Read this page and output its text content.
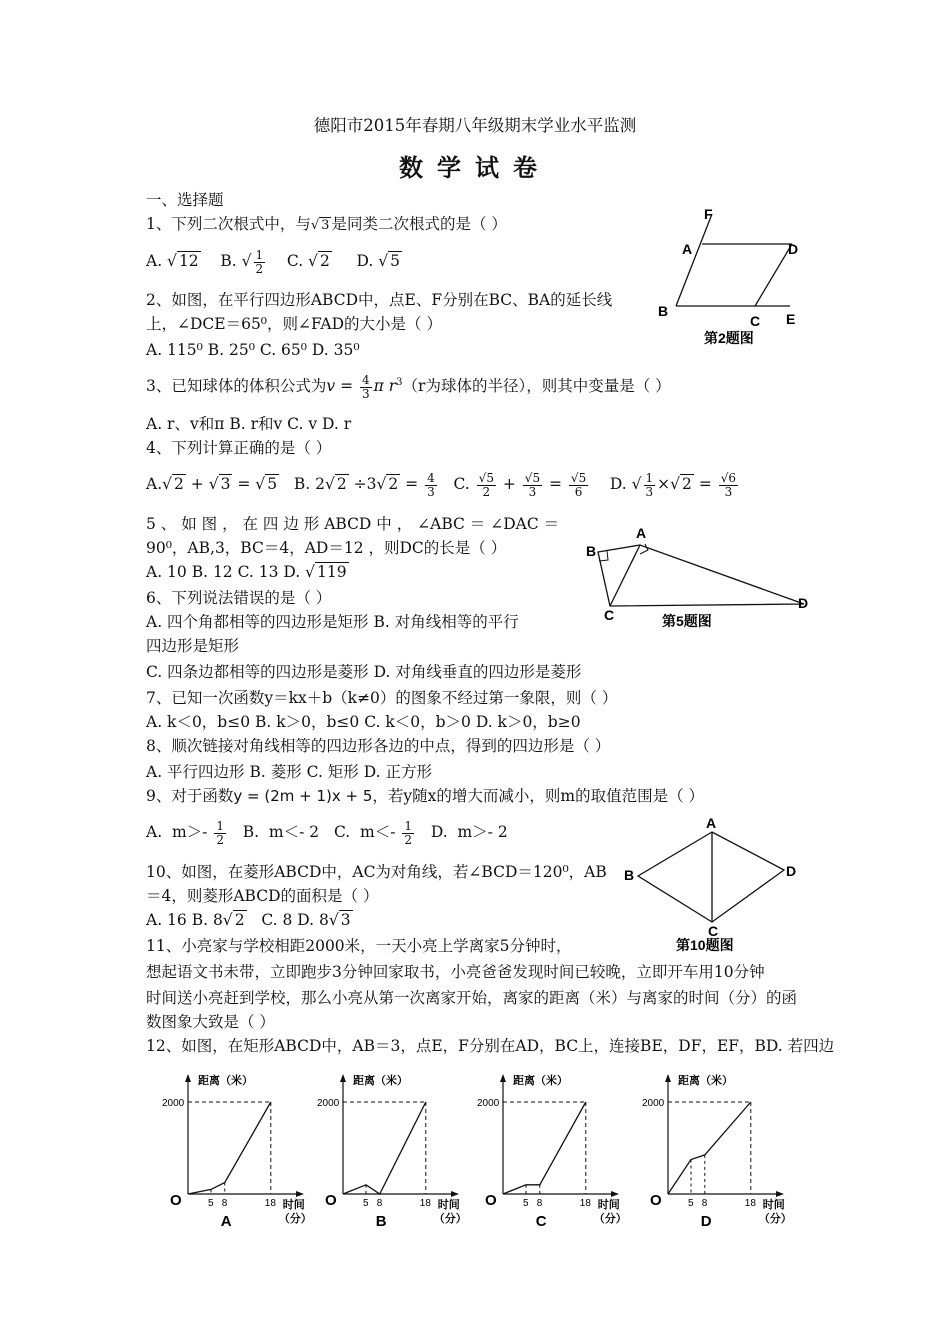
德阳市2015年春期八年级期末学业水平监测
数学试卷
一、选择题
1、下列二次根式中，与√ 3 是同类二次根式的是（ ）
A. √ 12 B. √ $\frac{1}{2} C$. √ 2 D. √ 5
2、如图，在平行四边形ABCD中，点E、F分别在BC、BA的延长线
上，∠DCE＝65⁰，则∠FAD的大小是（ ）
A. 115⁰ B. 25⁰ C. 65⁰ D. 35⁰
3、已知球体的体积公式为$v = \frac{4}{3}$ π $r^3(r$为球体的半径），则其中变量是（ ）
A. r、v和π B. r和v C. v D. r
4、下列计算正确的是（ ）
A.√ 2 + √ 3 = √ 5   B. 2√ 2 ÷3√ $2 = \frac{4}{3} C$. $\frac{√5}{2} + \frac{√5}{3} = \frac{√5}{6} D$. √ $\frac{1}{3}$ ×√ $2 = \frac{√6}{3}$
5 、 如 图 ， 在 四 边 形 ABCD 中 ， ∠ABC ＝ ∠DAC ＝
90⁰，AB,3，BC＝4，AD＝12 ，则DC的长是（ ）
A. 10 B. 12 C. 13 D. √ 119
6、下列说法错误的是（ ）
A. 四个角都相等的四边形是矩形 B. 对角线相等的平行
四边形是矩形
C. 四条边都相等的四边形是菱形 D. 对角线垂直的四边形是菱形
7、已知一次函数y＝kx＋b（k≠0）的图象不经过第一象限，则（ ）
A. k＜0，b≤0 B. k＞0，b≤0 C. k＜0，b＞0 D. k＞0，b≥0
8、顺次链接对角线相等的四边形各边的中点，得到的四边形是（ ）
A. 平行四边形 B. 菱形 C. 矩形 D. 正方形
9、对于函数y = (2m + 1)x + 5，若y随x的增大而减小，则m的取值范围是（ ）
A.  $m>- \frac{1}{2} B$.  m＜- 2   C.  $m<- \frac{1}{2} D$.  m＞- 2
10、如图，在菱形ABCD中，AC为对角线，若∠BCD＝120⁰，AB
＝4，则菱形ABCD的面积是（ ）
A. 16 B. 8√ 2 C. 8 D. 8√ 3
11、小亮家与学校相距2000米，一天小亮上学离家5分钟时，
想起语文书未带，立即跑步3分钟回家取书，小亮爸爸发现时间已较晚，立即开车用10分钟
时间送小亮赶到学校，那么小亮从第一次离家开始，离家的距离（米）与离家的时间（分）的函
数图象大致是（ ）
12、如图，在矩形ABCD中，AB＝3，点E，F分别在AD，BC上，连接BE，DF，EF，BD. 若四边
F
A	D
B
C E
第2题图
A
B
C
D
第5题图
A
B
C
D
第10题图
距离（米）
2000
O	5 8	18 时间
（分）
A
距离（米）
2000
O	5 8	18 时间
（分）
B
距离（米）
2000
O	5 8	18 时间
（分）
C
距离（米）
2000
O	5 8	18 时间
（分）
D
